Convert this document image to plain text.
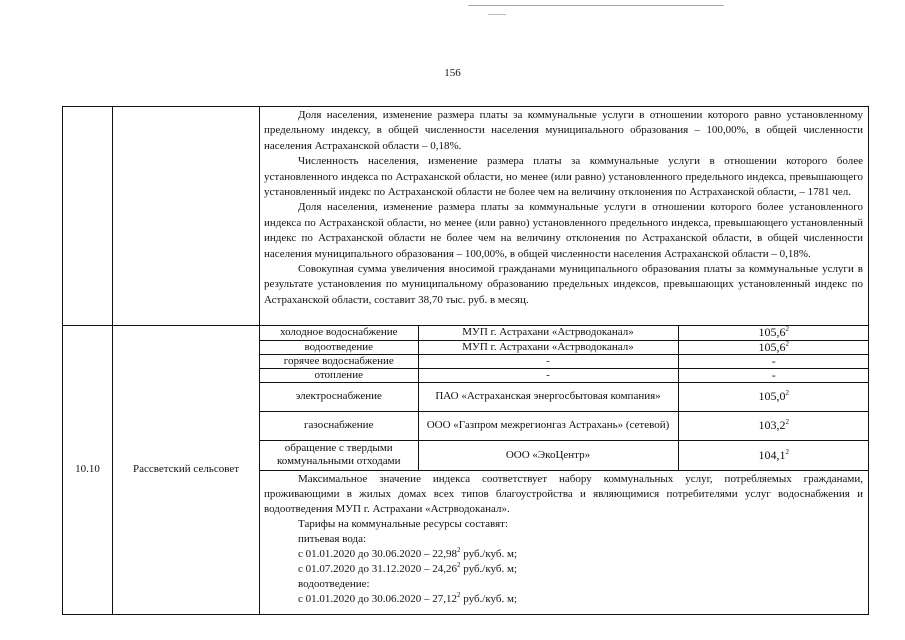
156

Доля населения, изменение размера платы за коммунальные услуги в отношении которого равно установленному предельному индексу, в общей численности населения муниципального образования – 100,00%, в общей численности населения Астраханской области – 0,18%.

Численность населения, изменение размера платы за коммунальные услуги в отношении которого более установленного индекса по Астраханской области, но менее (или равно) установленного предельного индекса, превышающего установленный индекс по Астраханской области не более чем на величину отклонения по Астраханской области, – 1781 чел.

Доля населения, изменение размера платы за коммунальные услуги в отношении которого более установленного индекса по Астраханской области, но менее (или равно) установленного предельного индекса, превышающего установленный индекс по Астраханской области не более чем на величину отклонения по Астраханской области, в общей численности населения муниципального образования – 100,00%, в общей численности населения Астраханской области – 0,18%.

Совокупная сумма увеличения вносимой гражданами муниципального образования платы за коммунальные услуги в результате установления по муниципальному образованию предельных индексов, превышающих установленный индекс по Астраханской области, составит 38,70 тыс. руб. в месяц.

10.10	Рассветский сельсовет	
холодное водоснабжение	МУП г. Астрахани «Астрводоканал»	105,6$^2$
водоотведение	МУП г. Астрахани «Астрводоканал»	105,6$^2$
горячее водоснабжение	-	-
отопление	-	-
электроснабжение	ПАО «Астраханская энергосбытовая компания»	105,0$^2$
газоснабжение	ООО «Газпром межрегионгаз Астрахань» (сетевой)	103,2$^2$
обращение с твердыми коммунальными отходами	ООО «ЭкоЦентр»	104,1$^2$

Максимальное значение индекса соответствует набору коммунальных услуг, потребляемых гражданами, проживающими в жилых домах всех типов благоустройства и являющимися потребителями услуг водоснабжения и водоотведения МУП г. Астрахани «Астрводоканал».

Тарифы на коммунальные ресурсы составят:

питьевая вода:

с 01.01.2020 до 30.06.2020 – 22,98$^2$ руб./куб. м;

с 01.07.2020 до 31.12.2020 – 24,26$^2$ руб./куб. м;

водоотведение:

с 01.01.2020 до 30.06.2020 – 27,12$^2$ руб./куб. м;
